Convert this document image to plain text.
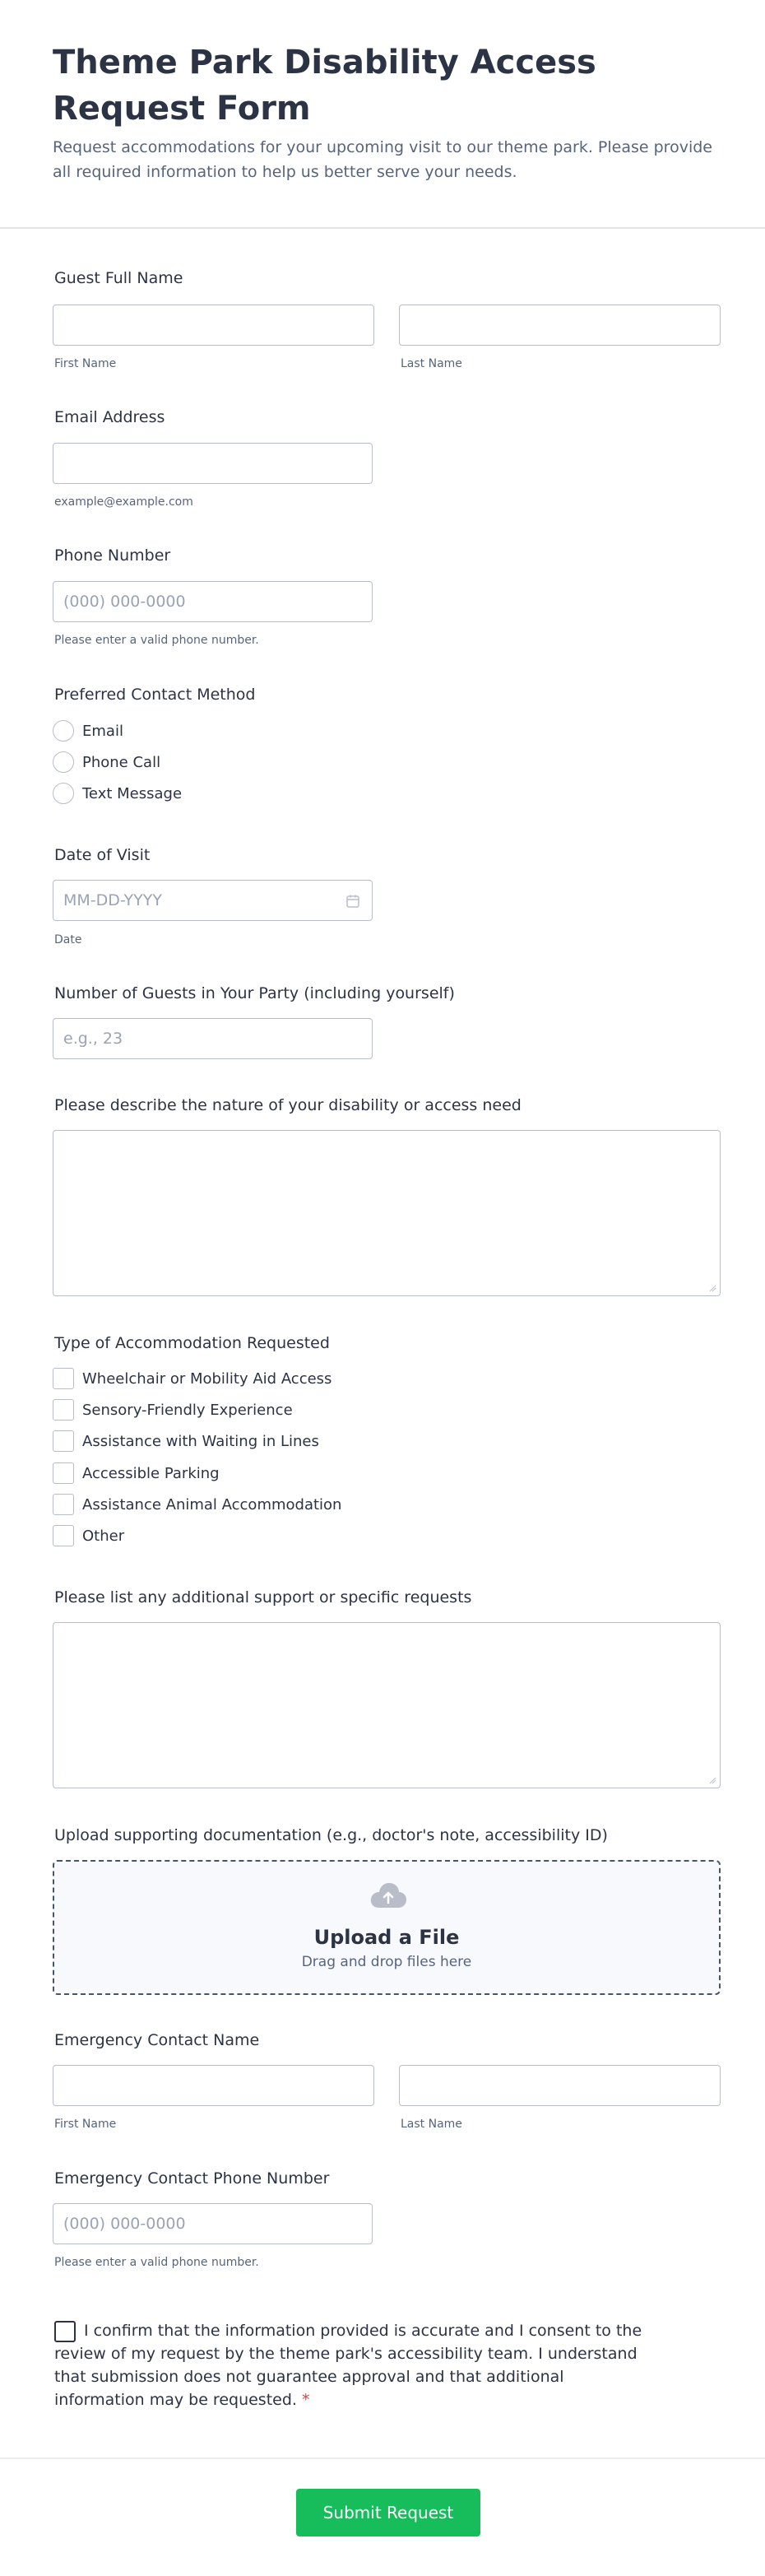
Theme Park Disability Access Request Form

Request accommodations for your upcoming visit to our theme park. Please provide all required information to help us better serve your needs.

Guest Full Name
First Name	Last Name
Email Address
example@example.com
Phone Number
(000) 000-0000
Please enter a valid phone number.
Preferred Contact Method
Email
Phone Call
Text Message
Date of Visit
MM-DD-YYYY
Date
Number of Guests in Your Party (including yourself)
e.g., 23
Please describe the nature of your disability or access need
Type of Accommodation Requested
Wheelchair or Mobility Aid Access
Sensory-Friendly Experience
Assistance with Waiting in Lines
Accessible Parking
Assistance Animal Accommodation
Other
Please list any additional support or specific requests
Upload supporting documentation (e.g., doctor's note, accessibility ID)
Upload a File
Drag and drop files here
Emergency Contact Name
First Name	Last Name
Emergency Contact Phone Number
(000) 000-0000
Please enter a valid phone number.

I confirm that the information provided is accurate and I consent to the review of my request by the theme park's accessibility team. I understand that submission does not guarantee approval and that additional information may be requested. *

Submit Request
